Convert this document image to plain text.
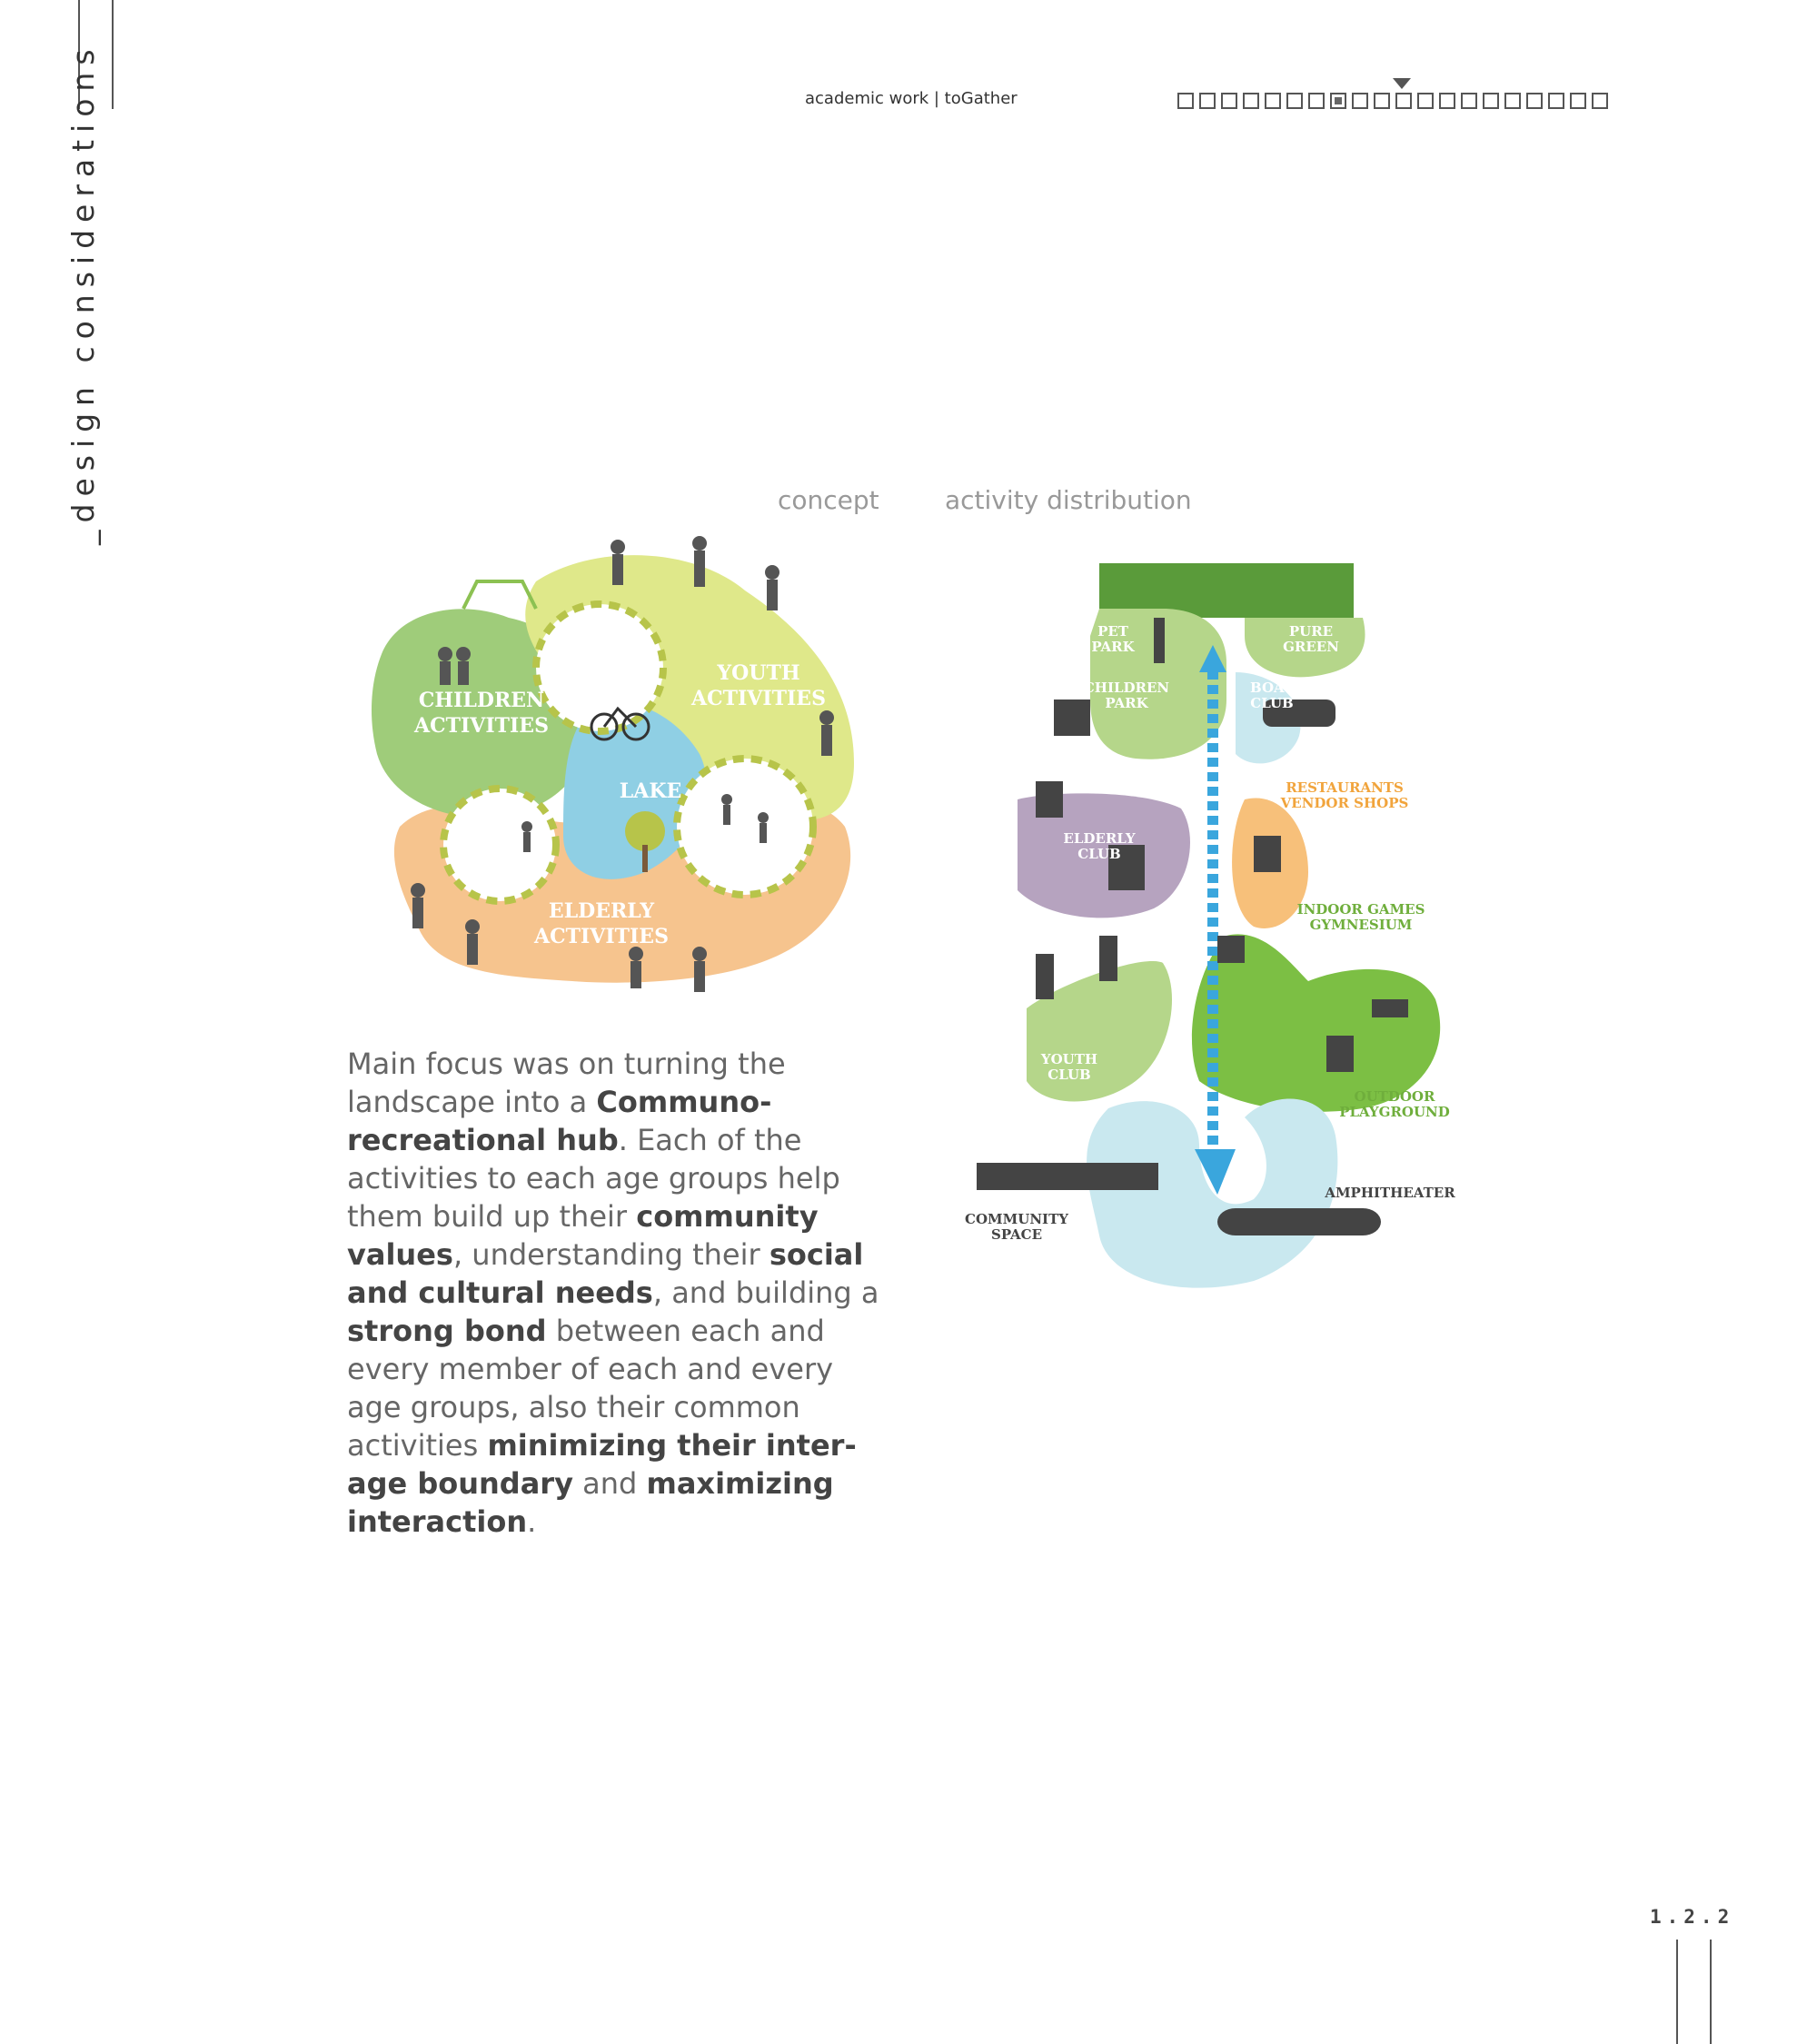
_design considerations	academic work | toGather
concept	activity distribution
CHILDREN
ACTIVITIES
YOUTH
ACTIVITIES
LAKE
ELDERLY
ACTIVITIES
PET
PARK
PURE
GREEN
CHILDREN
PARK
BOAT
CLUB
ELDERLY
CLUB
YOUTH
CLUB
RESTAURANTS
VENDOR SHOPS
INDOOR GAMES
GYMNESIUM
OUTDOOR
PLAYGROUND
AMPHITHEATER
COMMUNITY
SPACE
Main focus was on turning the landscape into a Communo-recreational hub. Each of the activities to each age groups help them build up their community values, understanding their social and cultural needs, and building a strong bond between each and every member of each and every age groups, also their common activities minimizing their inter-age boundary and maximizing interaction.
1.2.2
